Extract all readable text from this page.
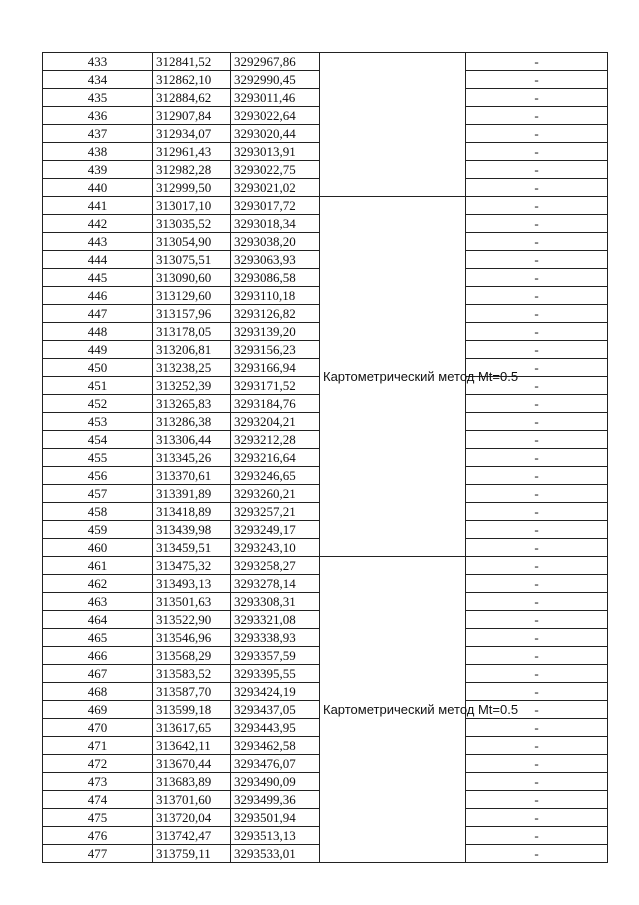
433	312841,52	3292967,86		-
434	312862,10	3292990,45		-
435	312884,62	3293011,46		-
436	312907,84	3293022,64		-
437	312934,07	3293020,44		-
438	312961,43	3293013,91		-
439	312982,28	3293022,75		-
440	312999,50	3293021,02		-
441	313017,10	3293017,72	Картометрический метод Mt=0.5	-
442	313035,52	3293018,34		-
443	313054,90	3293038,20		-
444	313075,51	3293063,93		-
445	313090,60	3293086,58		-
446	313129,60	3293110,18		-
447	313157,96	3293126,82		-
448	313178,05	3293139,20		-
449	313206,81	3293156,23		-
450	313238,25	3293166,94		-
451	313252,39	3293171,52		-
452	313265,83	3293184,76		-
453	313286,38	3293204,21		-
454	313306,44	3293212,28		-
455	313345,26	3293216,64		-
456	313370,61	3293246,65		-
457	313391,89	3293260,21		-
458	313418,89	3293257,21		-
459	313439,98	3293249,17		-
460	313459,51	3293243,10		-
461	313475,32	3293258,27	Картометрический метод Mt=0.5	-
462	313493,13	3293278,14		-
463	313501,63	3293308,31		-
464	313522,90	3293321,08		-
465	313546,96	3293338,93		-
466	313568,29	3293357,59		-
467	313583,52	3293395,55		-
468	313587,70	3293424,19		-
469	313599,18	3293437,05		-
470	313617,65	3293443,95		-
471	313642,11	3293462,58		-
472	313670,44	3293476,07		-
473	313683,89	3293490,09		-
474	313701,60	3293499,36		-
475	313720,04	3293501,94		-
476	313742,47	3293513,13		-
477	313759,11	3293533,01		-
